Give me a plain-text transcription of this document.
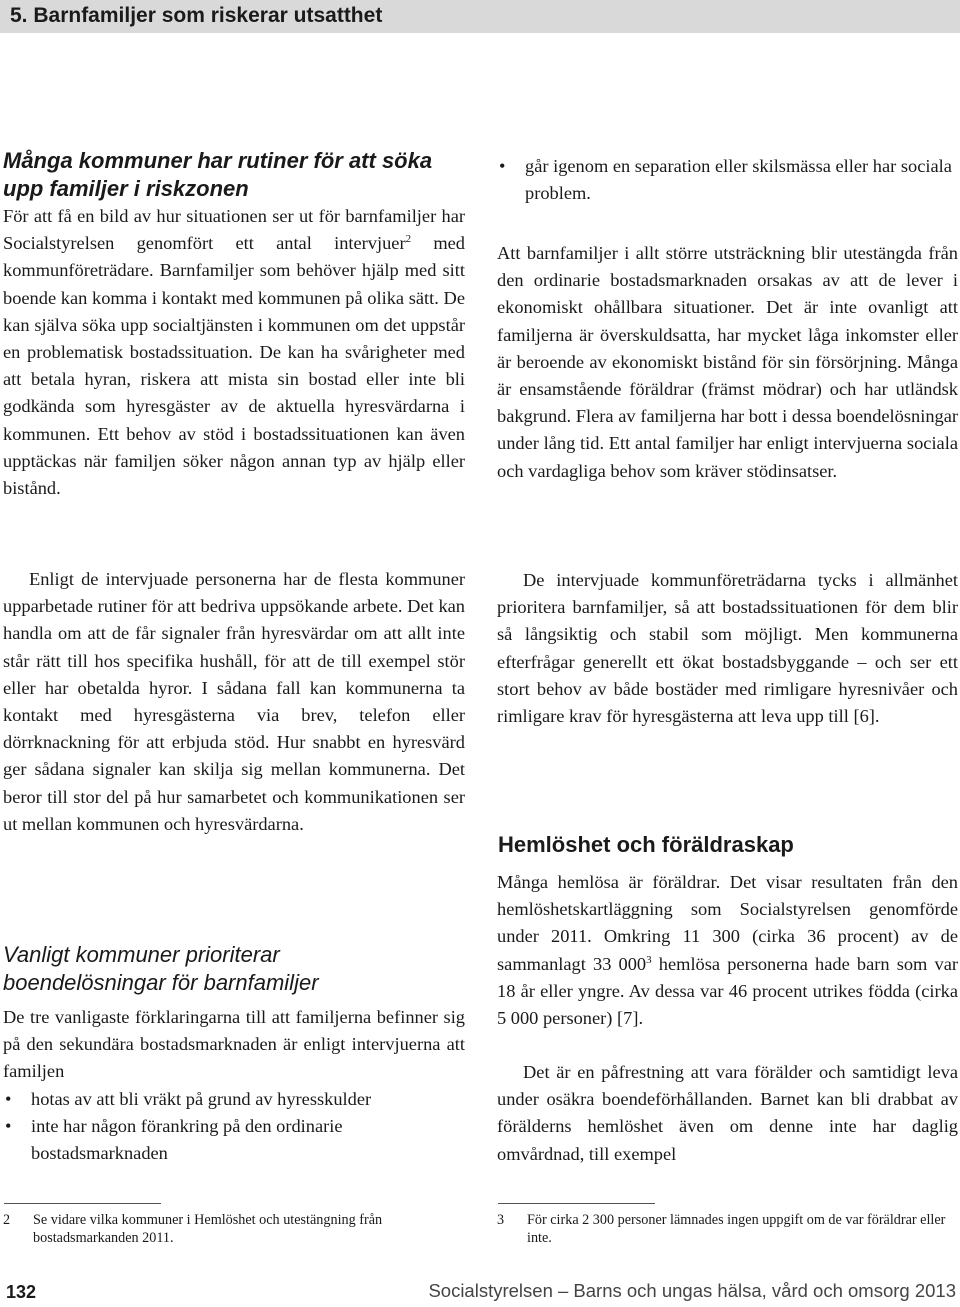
5. Barnfamiljer som riskerar utsatthet
Många kommuner har rutiner för att söka
upp familjer i riskzonen

För att få en bild av hur situationen ser ut för barnfamiljer har Socialstyrelsen genomfört ett antal intervjuer$^2$ med kommunföreträdare. Barnfamiljer som behöver hjälp med sitt boende kan komma i kontakt med kommunen på olika sätt. De kan själva söka upp socialtjänsten i kommunen om det uppstår en problematisk bostadssituation. De kan ha svårigheter med att betala hyran, riskera att mista sin bostad eller inte bli godkända som hyresgäster av de aktuella hyresvärdarna i kommunen. Ett behov av stöd i bostadssituationen kan även upptäckas när familjen söker någon annan typ av hjälp eller bistånd.

Enligt de intervjuade personerna har de flesta kommuner upparbetade rutiner för att bedriva uppsökande arbete. Det kan handla om att de får signaler från hyresvärdar om att allt inte står rätt till hos specifika hushåll, för att de till exempel stör eller har obetalda hyror. I sådana fall kan kommunerna ta kontakt med hyresgästerna via brev, telefon eller dörrknackning för att erbjuda stöd. Hur snabbt en hyresvärd ger sådana signaler kan skilja sig mellan kommunerna. Det beror till stor del på hur samarbetet och kommunikationen ser ut mellan kommunen och hyresvärdarna.

Vanligt kommuner prioriterar
boendelösningar för barnfamiljer

De tre vanligaste förklaringarna till att familjerna befinner sig på den sekundära bostadsmarknaden är enligt intervjuerna att familjen

• hotas av att bli vräkt på grund av hyresskulder
• inte har någon förankring på den ordinarie bostadsmarknaden

2	Se vidare vilka kommuner i Hemlöshet och utestängning från bostadsmarkanden 2011.

• går igenom en separation eller skilsmässa eller har sociala problem.

Att barnfamiljer i allt större utsträckning blir utestängda från den ordinarie bostadsmarknaden orsakas av att de lever i ekonomiskt ohållbara situationer. Det är inte ovanligt att familjerna är överskuldsatta, har mycket låga inkomster eller är beroende av ekonomiskt bistånd för sin försörjning. Många är ensamstående föräldrar (främst mödrar) och har utländsk bakgrund. Flera av familjerna har bott i dessa boendelösningar under lång tid. Ett antal familjer har enligt intervjuerna sociala och vardagliga behov som kräver stödinsatser.

De intervjuade kommunföreträdarna tycks i allmänhet prioritera barnfamiljer, så att bostadssituationen för dem blir så långsiktig och stabil som möjligt. Men kommunerna efterfrågar generellt ett ökat bostadsbyggande – och ser ett stort behov av både bostäder med rimligare hyresnivåer och rimligare krav för hyresgästerna att leva upp till [6].

Hemlöshet och föräldraskap

Många hemlösa är föräldrar. Det visar resultaten från den hemlöshetskartläggning som Socialstyrelsen genomförde under 2011. Omkring 11 300 (cirka 36 procent) av de sammanlagt 33 $000^3$ hemlösa personerna hade barn som var 18 år eller yngre. Av dessa var 46 procent utrikes födda (cirka 5 000 personer) [7].

Det är en påfrestning att vara förälder och samtidigt leva under osäkra boendeförhållanden. Barnet kan bli drabbat av förälderns hemlöshet även om denne inte har daglig omvårdnad, till exempel

3	För cirka 2 300 personer lämnades ingen uppgift om de var föräldrar eller inte.

132	Socialstyrelsen – Barns och ungas hälsa, vård och omsorg 2013
